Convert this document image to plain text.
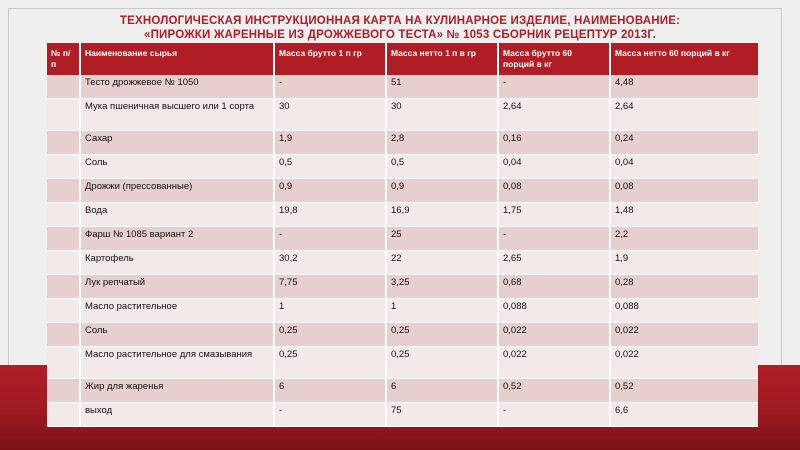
ТЕХНОЛОГИЧЕСКАЯ ИНСТРУКЦИОННАЯ КАРТА НА КУЛИНАРНОЕ ИЗДЕЛИЕ, НАИМЕНОВАНИЕ:
«ПИРОЖКИ ЖАРЕННЫЕ ИЗ ДРОЖЖЕВОГО ТЕСТА» № 1053 СБОРНИК РЕЦЕПТУР 2013Г.
№ п/п	Наименование сырья	Масса брутто 1 п гр	Масса нетто 1 п в гр	Масса брутто 60 порций в кг	Масса нетто 60 порций в кг
	Тесто дрожжевое № 1050	-	51	-	4,48
	Мука пшеничная высшего или 1 сорта	30	30	2,64	2,64
	Сахар	1,9	2,8	0,16	0,24
	Соль	0,5	0,5	0,04	0,04
	Дрожжи (прессованные)	0,9	0,9	0,08	0,08
	Вода	19,8	16,9	1,75	1,48
	Фарш № 1085 вариант 2	-	25	-	2,2
	Картофель	30,2	22	2,65	1,9
	Лук репчатый	7,75	3,25	0,68	0,28
	Масло растительное	1	1	0,088	0,088
	Соль	0,25	0,25	0,022	0,022
	Масло растительное для смазывания	0,25	0,25	0,022	0,022
	Жир для жаренья	6	6	0,52	0,52
	выход	-	75	-	6,6
